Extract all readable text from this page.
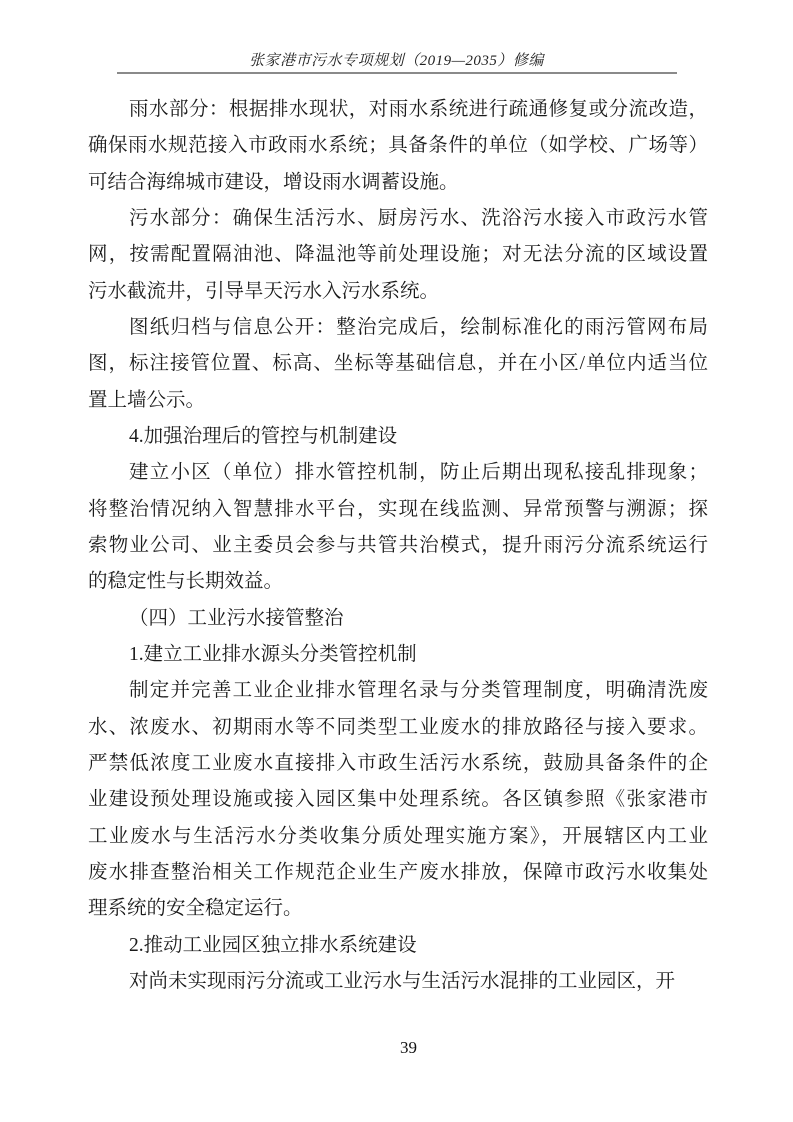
张家港市污水专项规划（2019—2035）修编
雨水部分：根据排水现状，对雨水系统进行疏通修复或分流改造，
确保雨水规范接入市政雨水系统；具备条件的单位（如学校、广场等）
可结合海绵城市建设，增设雨水调蓄设施。
污水部分：确保生活污水、厨房污水、洗浴污水接入市政污水管
网，按需配置隔油池、降温池等前处理设施；对无法分流的区域设置
污水截流井，引导旱天污水入污水系统。
图纸归档与信息公开：整治完成后，绘制标准化的雨污管网布局
图，标注接管位置、标高、坐标等基础信息，并在小区/单位内适当位
置上墙公示。
4.加强治理后的管控与机制建设
建立小区（单位）排水管控机制，防止后期出现私接乱排现象；
将整治情况纳入智慧排水平台，实现在线监测、异常预警与溯源；探
索物业公司、业主委员会参与共管共治模式，提升雨污分流系统运行
的稳定性与长期效益。
（四）工业污水接管整治
1.建立工业排水源头分类管控机制
制定并完善工业企业排水管理名录与分类管理制度，明确清洗废
水、浓废水、初期雨水等不同类型工业废水的排放路径与接入要求。
严禁低浓度工业废水直接排入市政生活污水系统，鼓励具备条件的企
业建设预处理设施或接入园区集中处理系统。各区镇参照《张家港市
工业废水与生活污水分类收集分质处理实施方案》，开展辖区内工业
废水排查整治相关工作规范企业生产废水排放，保障市政污水收集处
理系统的安全稳定运行。
2.推动工业园区独立排水系统建设
对尚未实现雨污分流或工业污水与生活污水混排的工业园区，开
39
